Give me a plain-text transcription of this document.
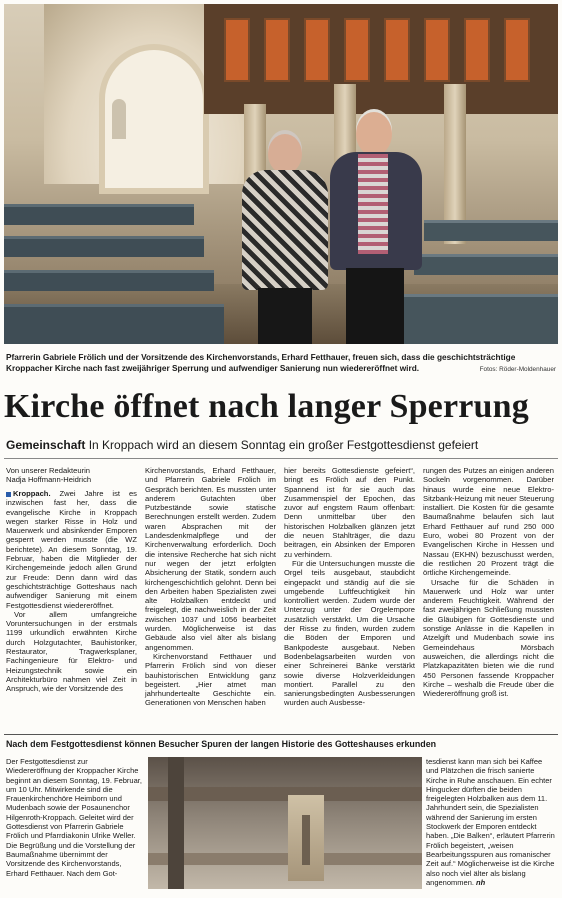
Pfarrerin Gabriele Frölich und der Vorsitzende des Kirchenvorstands, Erhard Fetthauer, freuen sich, dass die geschichtsträchtige Kroppacher Kirche nach fast zweijähriger Sperrung und aufwendiger Sanierung nun wiedereröffnet wird.	Fotos: Röder-Moldenhauer
Kirche öffnet nach langer Sperrung
Gemeinschaft In Kroppach wird an diesem Sonntag ein großer Festgottesdienst gefeiert
Von unserer Redakteurin
Nadja Hoffmann-Heidrich

Kroppach. Zwei Jahre ist es inzwischen fast her, dass die evangelische Kirche in Kroppach wegen starker Risse in Holz und Mauerwerk und absinkender Emporen gesperrt werden musste (die WZ berichtete). An diesem Sonntag, 19. Februar, haben die Mitglieder der Kirchengemeinde jedoch allen Grund zur Freude: Denn dann wird das geschichtsträchtige Gotteshaus nach aufwendiger Sanierung mit einem Festgottesdienst wiedereröffnet.

Vor allem umfangreiche Voruntersuchungen in der erstmals 1199 urkundlich erwähnten Kirche durch Holzgutachter, Bauhistoriker, Restaurator, Tragwerksplaner, Fachingenieure für Elektro- und Heizungstechnik sowie ein Architekturbüro nahmen viel Zeit in Anspruch, wie der Vorsitzende des

Kirchenvorstands, Erhard Fetthauer, und Pfarrerin Gabriele Frölich im Gespräch berichten. Es mussten unter anderem Gutachten über Putzbestände sowie statische Berechnungen erstellt werden. Zudem waren Absprachen mit der Landesdenkmalpflege und der Kirchenverwaltung erforderlich. Doch die intensive Recherche hat sich nicht nur wegen der jetzt erfolgten Absicherung der Statik, sondern auch kirchengeschichtlich gelohnt. Denn bei den Arbeiten haben Spezialisten zwei alte Holzbalken entdeckt und freigelegt, die nachweislich in der Zeit zwischen 1037 und 1056 bearbeitet wurden. Möglicherweise ist das Gebäude also viel älter als bislang angenommen.

Kirchenvorstand Fetthauer und Pfarrerin Frölich sind von dieser bauhistorischen Entwicklung ganz begeistert. „Hier atmet man jahrhundertealte Geschichte ein. Generationen von Menschen haben

hier bereits Gottesdienste gefeiert“, bringt es Frölich auf den Punkt. Spannend ist für sie auch das Zusammenspiel der Epochen, das zuvor auf engstem Raum offenbart: Denn unmittelbar über den historischen Holzbalken glänzen jetzt die neuen Stahlträger, die dazu beitragen, ein Absinken der Emporen zu verhindern.

Für die Untersuchungen musste die Orgel teils ausgebaut, staubdicht eingepackt und ständig auf die sie umgebende Luftfeuchtigkeit hin kontrolliert werden. Zudem wurde der Unterzug unter der Orgelempore zusätzlich verstärkt. Um die Ursache der Risse zu finden, wurden zudem die Böden der Emporen und Bankpodeste ausgebaut. Neben Bodenbelagsarbeiten wurden von einer Schreinerei Bänke verstärkt sowie diverse Holzverkleidungen montiert. Parallel zu den sanierungsbedingten Ausbesserungen wurden auch Ausbesse-

rungen des Putzes an einigen anderen Sockeln vorgenommen. Darüber hinaus wurde eine neue Elektro-Sitzbank-Heizung mit neuer Steuerung installiert. Die Kosten für die gesamte Baumaßnahme belaufen sich laut Erhard Fetthauer auf rund 250 000 Euro, wobei 80 Prozent von der Evangelischen Kirche in Hessen und Nassau (EKHN) bezuschusst werden, die restlichen 20 Prozent trägt die örtliche Kirchengemeinde.

Ursache für die Schäden in Mauerwerk und Holz war unter anderem Feuchtigkeit. Während der fast zweijährigen Schließung mussten die Gläubigen für Gottesdienste und sonstige Anlässe in die Kapellen in Atzelgift und Mudenbach sowie ins Gemeindehaus Mörsbach ausweichen, die allerdings nicht die Platzkapazitäten bieten wie die rund 450 Personen fassende Kroppacher Kirche – weshalb die Freude über die Wiedereröffnung groß ist.

Nach dem Festgottesdienst können Besucher Spuren der langen Historie des Gotteshauses erkunden
Der Festgottesdienst zur Wiedereröffnung der Kroppacher Kirche beginnt an diesem Sonntag, 19. Februar, um 10 Uhr. Mitwirkende sind die Frauenkirchenchöre Heimborn und Mudenbach sowie der Posaunenchor Hilgenroth-Kroppach. Geleitet wird der Gottesdienst von Pfarrerin Gabriele Frölich und Pfarrdiakonin Ulrike Weller. Die Begrüßung und die Vorstellung der Baumaßnahme übernimmt der Vorsitzende des Kirchenvorstands, Erhard Fetthauer. Nach dem Got-
tesdienst kann man sich bei Kaffee und Plätzchen die frisch sanierte Kirche in Ruhe anschauen. Ein echter Hingucker dürften die beiden freigelegten Holzbalken aus dem 11. Jahrhundert sein, die Spezialisten während der Sanierung im ersten Stockwerk der Emporen entdeckt haben. „Die Balken“, erläutert Pfarrerin Frölich begeistert, „weisen Bearbeitungsspuren aus romanischer Zeit auf.“ Möglicherweise ist die Kirche also noch viel älter als bislang angenommen. nh
